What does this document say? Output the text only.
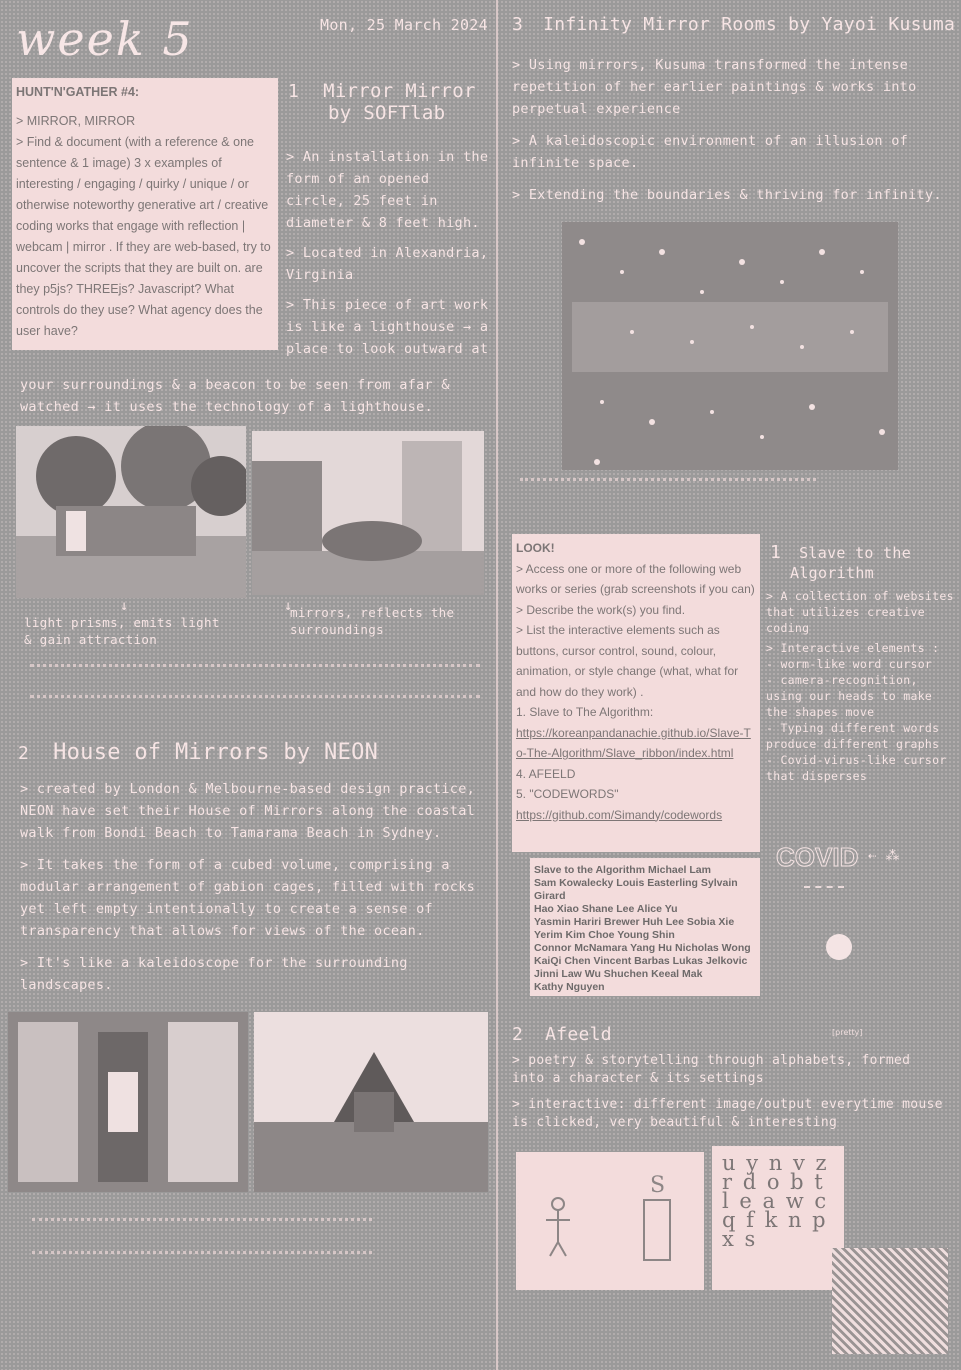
week 5	Mon, 25 March 2024

HUNT'N'GATHER #4:

> MIRROR, MIRROR

> Find & document (with a reference & one sentence & 1 image) 3 x examples of interesting / engaging / quirky / unique / or otherwise noteworthy generative art / creative coding works that engage with reflection | webcam | mirror . If they are web-based, try to uncover the scripts that they are built on. are they p5js? THREEjs? Javascript? What controls do they use? What agency does the user have?

1 Mirror Mirror
by SOFTlab
> An installation in the form of an opened circle, 25 feet in diameter & 8 feet high.
> Located in Alexandria, Virginia
> This piece of art work is like a lighthouse → a place to look outward at
your surroundings & a beacon to be seen from afar & watched → it uses the technology of a lighthouse.
↓	↓
light prisms, emits light & gain attraction
mirrors, reflects the surroundings
2 House of Mirrors by NEON
> created by London & Melbourne-based design practice, NEON have set their House of Mirrors along the coastal walk from Bondi Beach to Tamarama Beach in Sydney.
> It takes the form of a cubed volume, comprising a modular arrangement of gabion cages, filled with rocks yet left empty intentionally to create a sense of transparency that allows for views of the ocean.
> It's like a kaleidoscope for the surrounding landscapes.
3 Infinity Mirror Rooms by Yayoi Kusuma
> Using mirrors, Kusuma transformed the intense repetition of her earlier paintings & works into perpetual experience
> A kaleidoscopic environment of an illusion of infinite space.
> Extending the boundaries & thriving for infinity.

LOOK!

> Access one or more of the following web works or series (grab screenshots if you can)

> Describe the work(s) you find.

> List the interactive elements such as buttons, cursor control, sound, colour, animation, or style change (what, what for and how do they work) .

1. Slave to The Algorithm:

https://koreanpandanachie.github.io/Slave-To-The-Algorithm/Slave_ribbon/index.html

4. AFEELD

5. "CODEWORDS"

https://github.com/Simandy/codewords

Slave to the Algorithm Michael Lam
Sam Kowalecky Louis Easterling Sylvain Girard
Hao Xiao Shane Lee Alice Yu
Yasmin Hariri Brewer Huh Lee Sobia Xie
Yerim Kim Choe Young Shin
Connor McNamara Yang Hu Nicholas Wong
KaiQi Chen Vincent Barbas Lukas Jelkovic
Jinni Law Wu Shuchen Keeal Mak
Kathy Nguyen
1 Slave to the
Algorithm
> A collection of websites that utilizes creative coding
> Interactive elements :
- worm-like word cursor
- camera-recognition, using our heads to make the shapes move
- Typing different words produce different graphs
- Covid-virus-like cursor that disperses
COVID ⇠ ⁂
[pretty]
2 Afeeld
> poetry & storytelling through alphabets, formed into a character & its settings
> interactive: different image/output everytime mouse is clicked, very beautiful & interesting
S
u y n v z r d o b t l e a w c q f k n p x s
